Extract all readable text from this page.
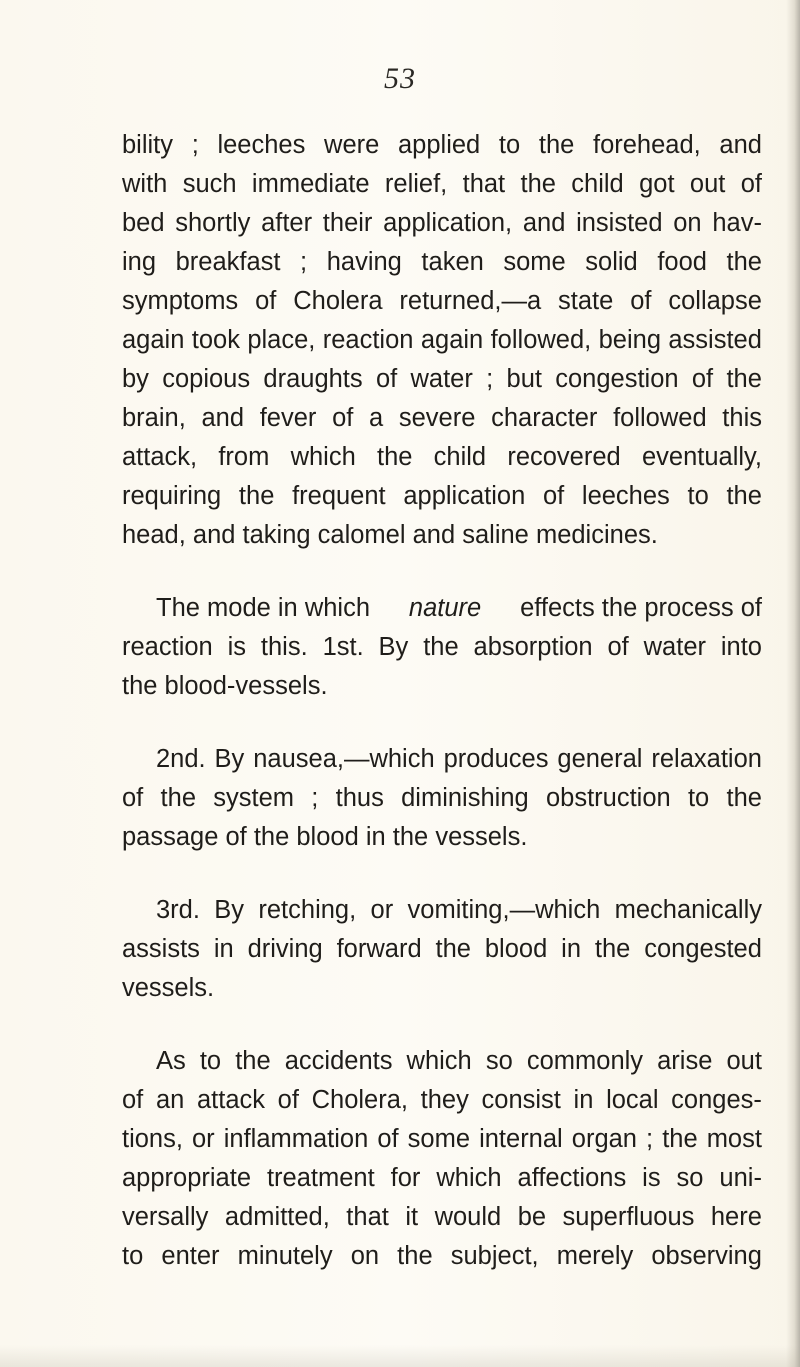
53
bility ; leeches were applied to the forehead, and
with such immediate relief, that the child got out of
bed shortly after their application, and insisted on hav-
ing breakfast ; having taken some solid food the
symptoms of Cholera returned,—a state of collapse
again took place, reaction again followed, being assisted
by copious draughts of water ; but congestion of the
brain, and fever of a severe character followed this
attack, from which the child recovered eventually,
requiring the frequent application of leeches to the
head, and taking calomel and saline medicines.
The mode in which nature effects the process of
reaction is this. 1st. By the absorption of water into
the blood-vessels.
2nd. By nausea,—which produces general relaxation
of the system ; thus diminishing obstruction to the
passage of the blood in the vessels.
3rd. By retching, or vomiting,—which mechanically
assists in driving forward the blood in the congested
vessels.
As to the accidents which so commonly arise out
of an attack of Cholera, they consist in local conges-
tions, or inflammation of some internal organ ; the most
appropriate treatment for which affections is so uni-
versally admitted, that it would be superfluous here
to enter minutely on the subject, merely observing
